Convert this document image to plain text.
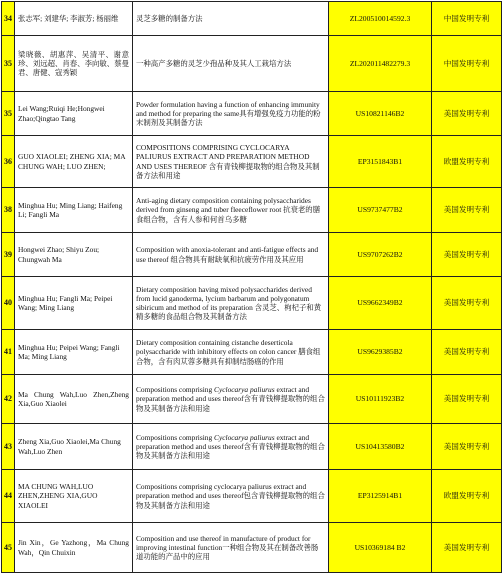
34	张志军; 刘建华; 李淑芳; 杨丽维	灵芝多糖的制备方法	ZL200510014592.3	中国发明专利
35	梁晓薇、胡惠萍、吴清平、谢意珍、刘远超、肖春、李向敏、蔡曼君、唐健、寇秀颖	一种高产多糖的灵芝少孢品种及其人工栽培方法	ZL202011482279.3	中国发明专利
35	Lei Wang;Ruiqi He;Hongwei Zhao;Qingtao Tang	Powder formulation having a function of enhancing immunity and method for preparing the same具有增强免疫力功能的粉末制剂及其制备方法	US10821146B2	美国发明专利
36	GUO XIAOLEI; ZHENG XIA; MA CHUNG WAH; LUO ZHEN;	COMPOSITIONS COMPRISING CYCLOCARYA PALIURUS EXTRACT AND PREPARATION METHOD AND USES THEREOF 含有青钱柳提取物的组合物及其制备方法和用途	EP3151843B1	欧盟发明专利
38	Minghua Hu; Ming Liang; Haifeng Li; Fangli Ma	Anti-aging dietary composition containing polysaccharides derived from ginseng and tuber fleeceflower root 抗衰老的膳食组合物，含有人参和何首乌多糖	US9737477B2	美国发明专利
39	Hongwei Zhao; Shiyu Zou; Chungwah Ma	Composition with anoxia-tolerant and anti-fatigue effects and use thereof 组合物具有耐缺氧和抗疲劳作用及其应用	US9707262B2	美国发明专利
40	Minghua Hu; Fangli Ma; Peipei Wang; Ming Liang	Dietary composition having mixed polysaccharides derived from lucid ganoderma, lycium barbarum and polygonatum sibiricum and method of its preparation 含灵芝、枸杞子和黄精多糖的食品组合物及其制备方法	US9662349B2	美国发明专利
41	Minghua Hu; Peipei Wang; Fangli Ma; Ming Liang	Dietary composition containing cistanche deserticola polysaccharide with inhibitory effects on colon cancer 膳食组合物，含有肉苁蓉多糖具有抑制结肠癌的作用	US9629385B2	美国发明专利
42	Ma Chung Wah,Luo Zhen,Zheng Xia,Guo Xiaolei	Compositions comprising Cyclocarya paliurus extract and preparation method and uses thereof含有青钱柳提取物的组合物及其制备方法和用途	US10111923B2	美国发明专利
43	Zheng Xia,Guo Xiaolei,Ma Chung Wah,Luo Zhen	Compositions comprising Cyclocarya paliurus extract and preparation method and uses thereof含有青钱柳提取物的组合物及其制备方法和用途	US10413580B2	美国发明专利
44	MA CHUNG WAH,LUO ZHEN,ZHENG XIA,GUO XIAOLEI	Compositions comprising cyclocarya paliurus extract and preparation method and uses thereof包含青钱柳提取物的组合物及其制备方法和用途	EP3125914B1	欧盟发明专利
45	Jin Xin，Ge Yazhong，Ma Chung Wah，Qin Chuixin	Composition and use thereof in manufacture of product for improving intestinal function一种组合物及其在制备改善肠道功能的产品中的应用	US10369184 B2	美国发明专利
